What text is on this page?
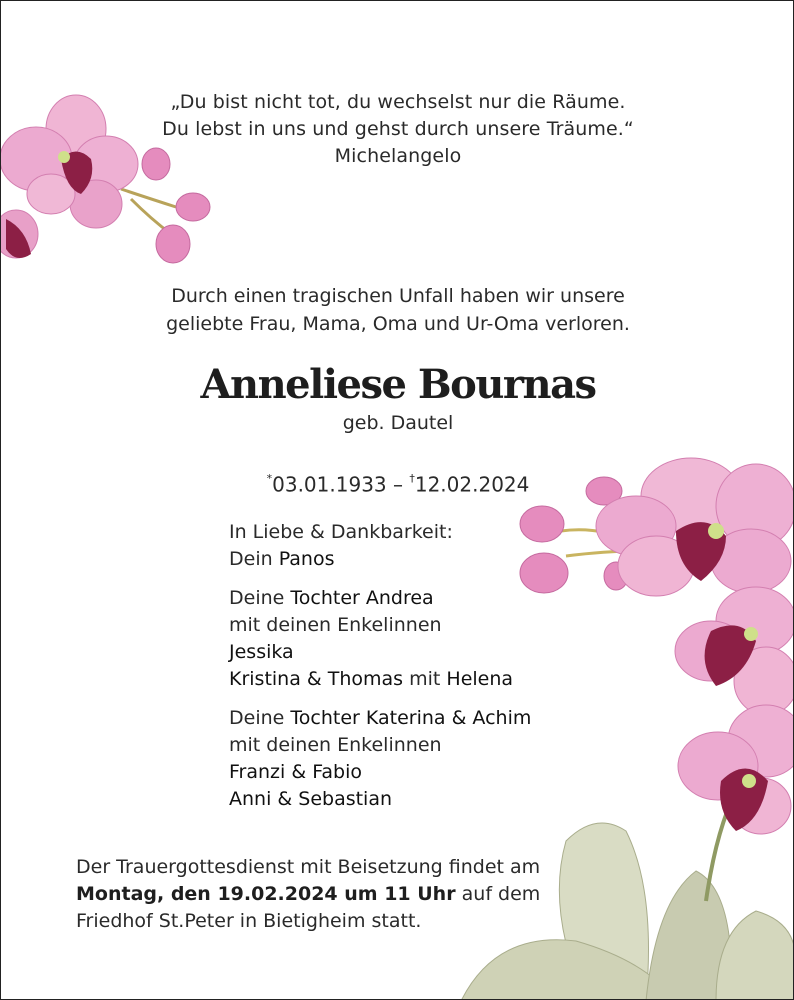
„Du bist nicht tot, du wechselst nur die Räume.
Du lebst in uns und gehst durch unsere Träume.“
Michelangelo
Durch einen tragischen Unfall haben wir unsere
geliebte Frau, Mama, Oma und Ur-Oma verloren.
Anneliese Bournas
geb. Dautel
*03.01.1933 – †12.02.2024
In Liebe & Dankbarkeit:
Dein Panos
Deine Tochter Andrea
mit deinen Enkelinnen
Jessika
Kristina & Thomas mit Helena
Deine Tochter Katerina & Achim
mit deinen Enkelinnen
Franzi & Fabio
Anni & Sebastian
Der Trauergottesdienst mit Beisetzung findet am
Montag, den 19.02.2024 um 11 Uhr auf dem
Friedhof St.Peter in Bietigheim statt.
